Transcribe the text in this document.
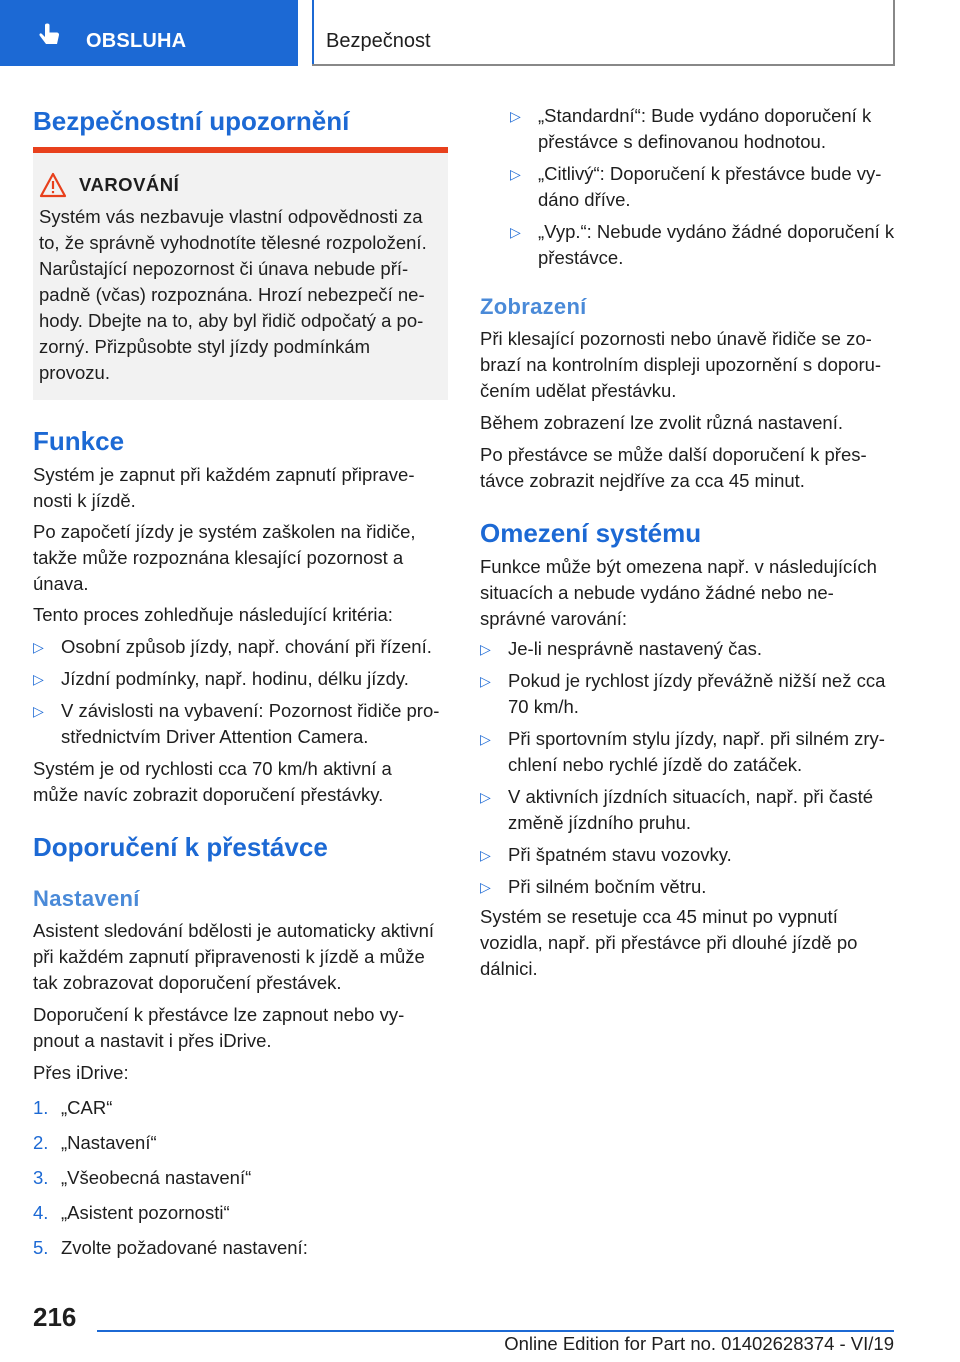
OBSLUHA	Bezpečnost
Bezpečnostní upozornění
VAROVÁNÍ
Systém vás nezbavuje vlastní odpovědnosti za to, že správně vyhodnotíte tělesné rozpoložení. Narůstající nepozornost či únava nebude pří-padně (včas) rozpoznána. Hrozí nebezpečí ne-hody. Dbejte na to, aby byl řidič odpočatý a po-zorný. Přizpůsobte styl jízdy podmínkám provozu.
Funkce
Systém je zapnut při každém zapnutí připrave-nosti k jízdě.
Po započetí jízdy je systém zaškolen na řidiče, takže může rozpoznána klesající pozornost a únava.
Tento proces zohledňuje následující kritéria:
▷ Osobní způsob jízdy, např. chování při řízení.
▷ Jízdní podmínky, např. hodinu, délku jízdy.
▷ V závislosti na vybavení: Pozornost řidiče pro-střednictvím Driver Attention Camera.
Systém je od rychlosti cca 70 km/h aktivní a může navíc zobrazit doporučení přestávky.
Doporučení k přestávce
Nastavení
Asistent sledování bdělosti je automaticky aktivní při každém zapnutí připravenosti k jízdě a může tak zobrazovat doporučení přestávek.
Doporučení k přestávce lze zapnout nebo vy-pnout a nastavit i přes iDrive.
Přes iDrive:
1. „CAR“
2. „Nastavení“
3. „Všeobecná nastavení“
4. „Asistent pozornosti“
5. Zvolte požadované nastavení:
▷ „Standardní“: Bude vydáno doporučení k přestávce s definovanou hodnotou.
▷ „Citlivý“: Doporučení k přestávce bude vy-dáno dříve.
▷ „Vyp.“: Nebude vydáno žádné doporučení k přestávce.
Zobrazení
Při klesající pozornosti nebo únavě řidiče se zo-brazí na kontrolním displeji upozornění s doporu-čením udělat přestávku.
Během zobrazení lze zvolit různá nastavení.
Po přestávce se může další doporučení k přes-távce zobrazit nejdříve za cca 45 minut.
Omezení systému
Funkce může být omezena např. v následujících situacích a nebude vydáno žádné nebo ne-správné varování:
▷ Je-li nesprávně nastavený čas.
▷ Pokud je rychlost jízdy převážně nižší než cca 70 km/h.
▷ Při sportovním stylu jízdy, např. při silném zry-chlení nebo rychlé jízdě do zatáček.
▷ V aktivních jízdních situacích, např. při časté změně jízdního pruhu.
▷ Při špatném stavu vozovky.
▷ Při silném bočním větru.
Systém se resetuje cca 45 minut po vypnutí vozidla, např. při přestávce při dlouhé jízdě po dálnici.
216
Online Edition for Part no. 01402628374 - VI/19
